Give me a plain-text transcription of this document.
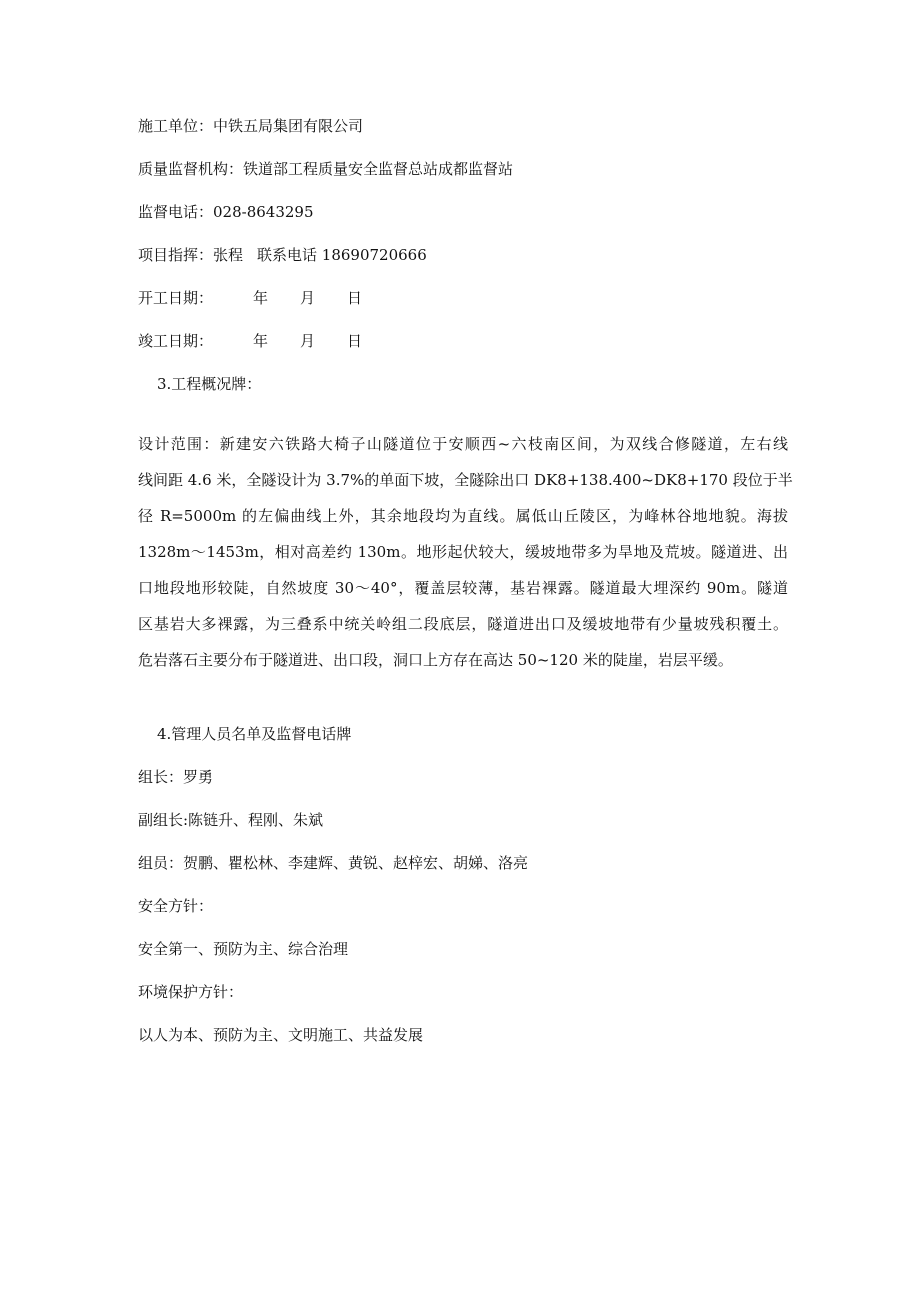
施工单位：中铁五局集团有限公司
质量监督机构：铁道部工程质量安全监督总站成都监督站
监督电话：028-8643295
项目指挥：张程 联系电话 18690720666
开工日期：	年 月 日
竣工日期：	年 月 日
3.工程概况牌：
设计范围：新建安六铁路大椅子山隧道位于安顺西~六枝南区间，为双线合修隧道，左右线
线间距 4.6 米，全隧设计为 3.7%的单面下坡，全隧除出口 DK8+138.400~DK8+170 段位于半
径 R=5000m 的左偏曲线上外，其余地段均为直线。属低山丘陵区，为峰林谷地地貌。海拔
1328m～1453m，相对高差约 130m。地形起伏较大，缓坡地带多为旱地及荒坡。隧道进、出
口地段地形较陡，自然坡度 30～40°，覆盖层较薄，基岩裸露。隧道最大埋深约 90m。隧道
区基岩大多裸露，为三叠系中统关岭组二段底层，隧道进出口及缓坡地带有少量坡残积覆土。
危岩落石主要分布于隧道进、出口段，洞口上方存在高达 50~120 米的陡崖，岩层平缓。
4.管理人员名单及监督电话牌
组长：罗勇
副组长:陈链升、程刚、朱斌
组员：贺鹏、瞿松林、李建辉、黄锐、赵梓宏、胡娣、洛亮
安全方针：
安全第一、预防为主、综合治理
环境保护方针：
以人为本、预防为主、文明施工、共益发展
